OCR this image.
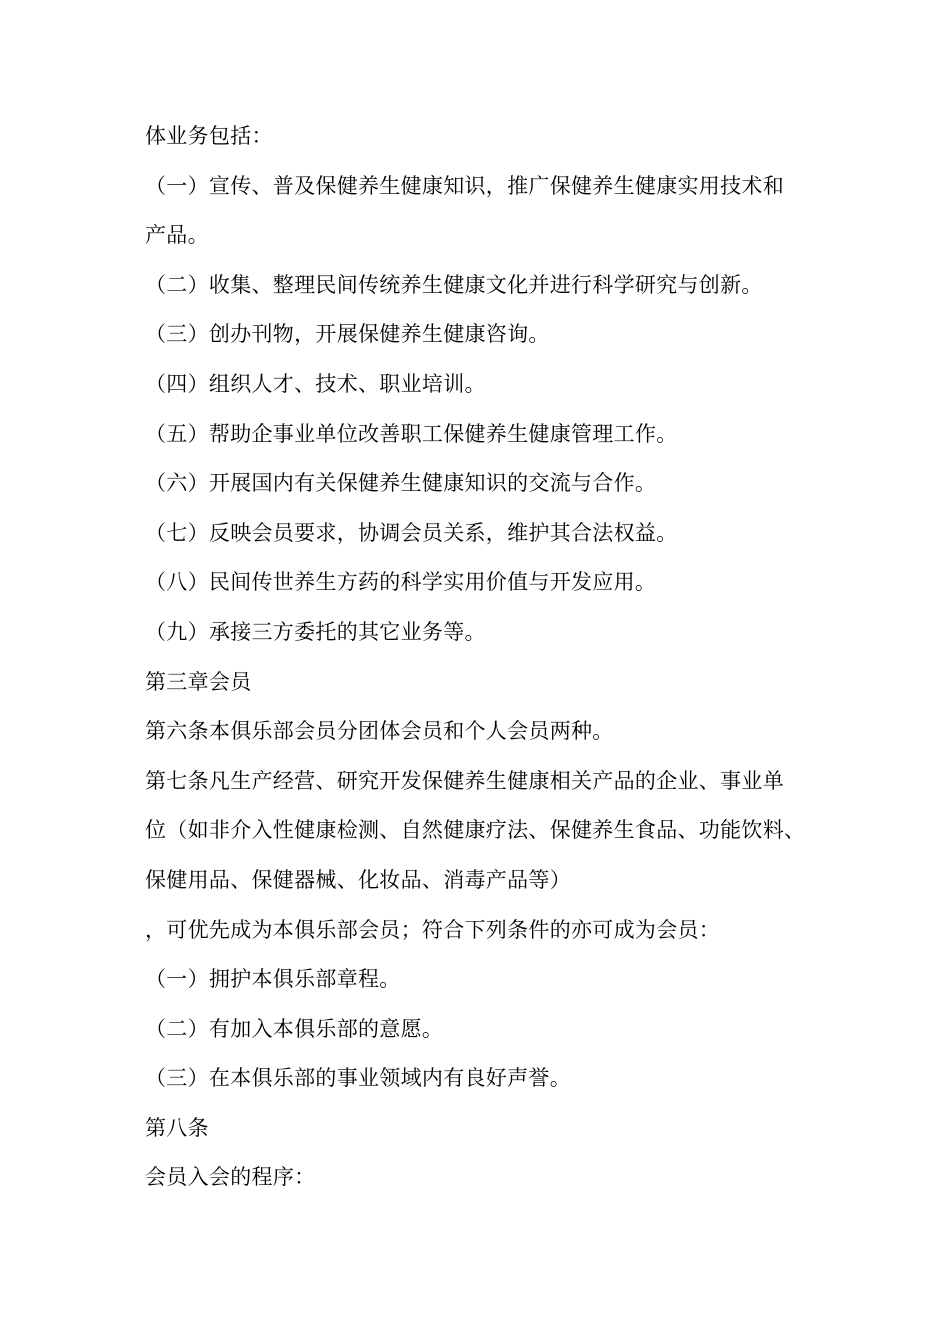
体业务包括：
（一）宣传、普及保健养生健康知识，推广保健养生健康实用技术和
产品。
（二）收集、整理民间传统养生健康文化并进行科学研究与创新。
（三）创办刊物，开展保健养生健康咨询。
（四）组织人才、技术、职业培训。
（五）帮助企事业单位改善职工保健养生健康管理工作。
（六）开展国内有关保健养生健康知识的交流与合作。
（七）反映会员要求，协调会员关系，维护其合法权益。
（八）民间传世养生方药的科学实用价值与开发应用。
（九）承接三方委托的其它业务等。
第三章会员
第六条本俱乐部会员分团体会员和个人会员两种。
第七条凡生产经营、研究开发保健养生健康相关产品的企业、事业单
位（如非介入性健康检测、自然健康疗法、保健养生食品、功能饮料、
保健用品、保健器械、化妆品、消毒产品等）
，可优先成为本俱乐部会员；符合下列条件的亦可成为会员：
（一）拥护本俱乐部章程。
（二）有加入本俱乐部的意愿。
（三）在本俱乐部的事业领域内有良好声誉。
第八条
会员入会的程序：
